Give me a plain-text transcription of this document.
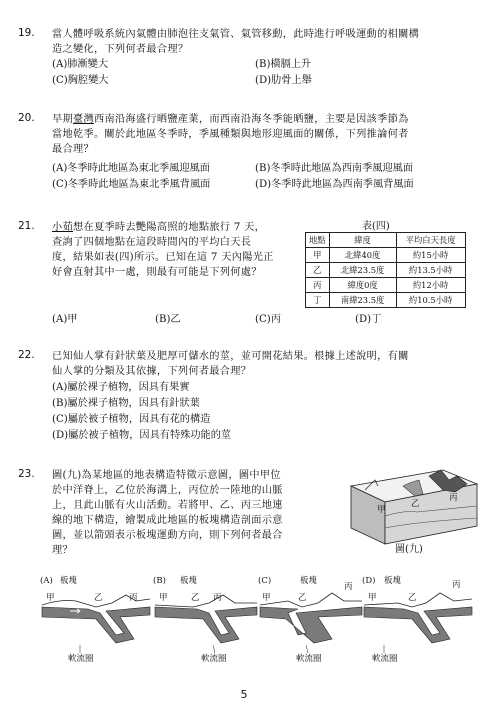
19. 當人體呼吸系統內氣體由肺泡往支氣管、氣管移動，此時進行呼吸運動的相關構
造之變化，下列何者最合理？
(A)肺漸變大	(B)橫膈上升
(C)胸腔變大	(D)肋骨上舉
20. 早期臺灣西南沿海盛行晒鹽產業，而西南沿海冬季能晒鹽，主要是因該季節為
當地乾季。關於此地區冬季時，季風種類與地形迎風面的關係，下列推論何者
最合理？
(A)冬季時此地區為東北季風迎風面	(B)冬季時此地區為西南季風迎風面
(C)冬季時此地區為東北季風背風面	(D)冬季時此地區為西南季風背風面
21. 小茹想在夏季時去艷陽高照的地點旅行 7 天，
查詢了四個地點在這段時間內的平均白天長
度，結果如表(四)所示。已知在這 7 天內陽光正
好會直射其中一處，則最有可能是下列何處？
表(四)
地點	緯度	平均白天長度
甲	北緯40度	約15小時
乙	北緯23.5度	約13.5小時
丙	緯度0度	約12小時
丁	南緯23.5度	約10.5小時
(A)甲	(B)乙	(C)丙	(D)丁
22. 已知仙人掌有針狀葉及肥厚可儲水的莖，並可開花結果。根據上述說明，有關
仙人掌的分類及其依據，下列何者最合理？
(A)屬於裸子植物，因具有果實
(B)屬於裸子植物，因具有針狀葉
(C)屬於被子植物，因具有花的構造
(D)屬於被子植物，因具有特殊功能的莖
23. 圖(九)為某地區的地表構造特徵示意圖，圖中甲位
於中洋脊上，乙位於海溝上，丙位於一陸地的山脈
上，且此山脈有火山活動。若將甲、乙、丙三地連
線的地下構造，繪製成此地區的板塊構造剖面示意
圖，並以箭頭表示板塊運動方向，則下列何者最合
理？
甲
乙
丙
圖(九)
(A) 板塊
甲	乙	丙
軟流圈
(B) 板塊
甲	乙 丙
軟流圈
(C)	板塊
甲	乙
丙
軟流圈
(D) 板塊
甲	乙
丙
軟流圈
5
